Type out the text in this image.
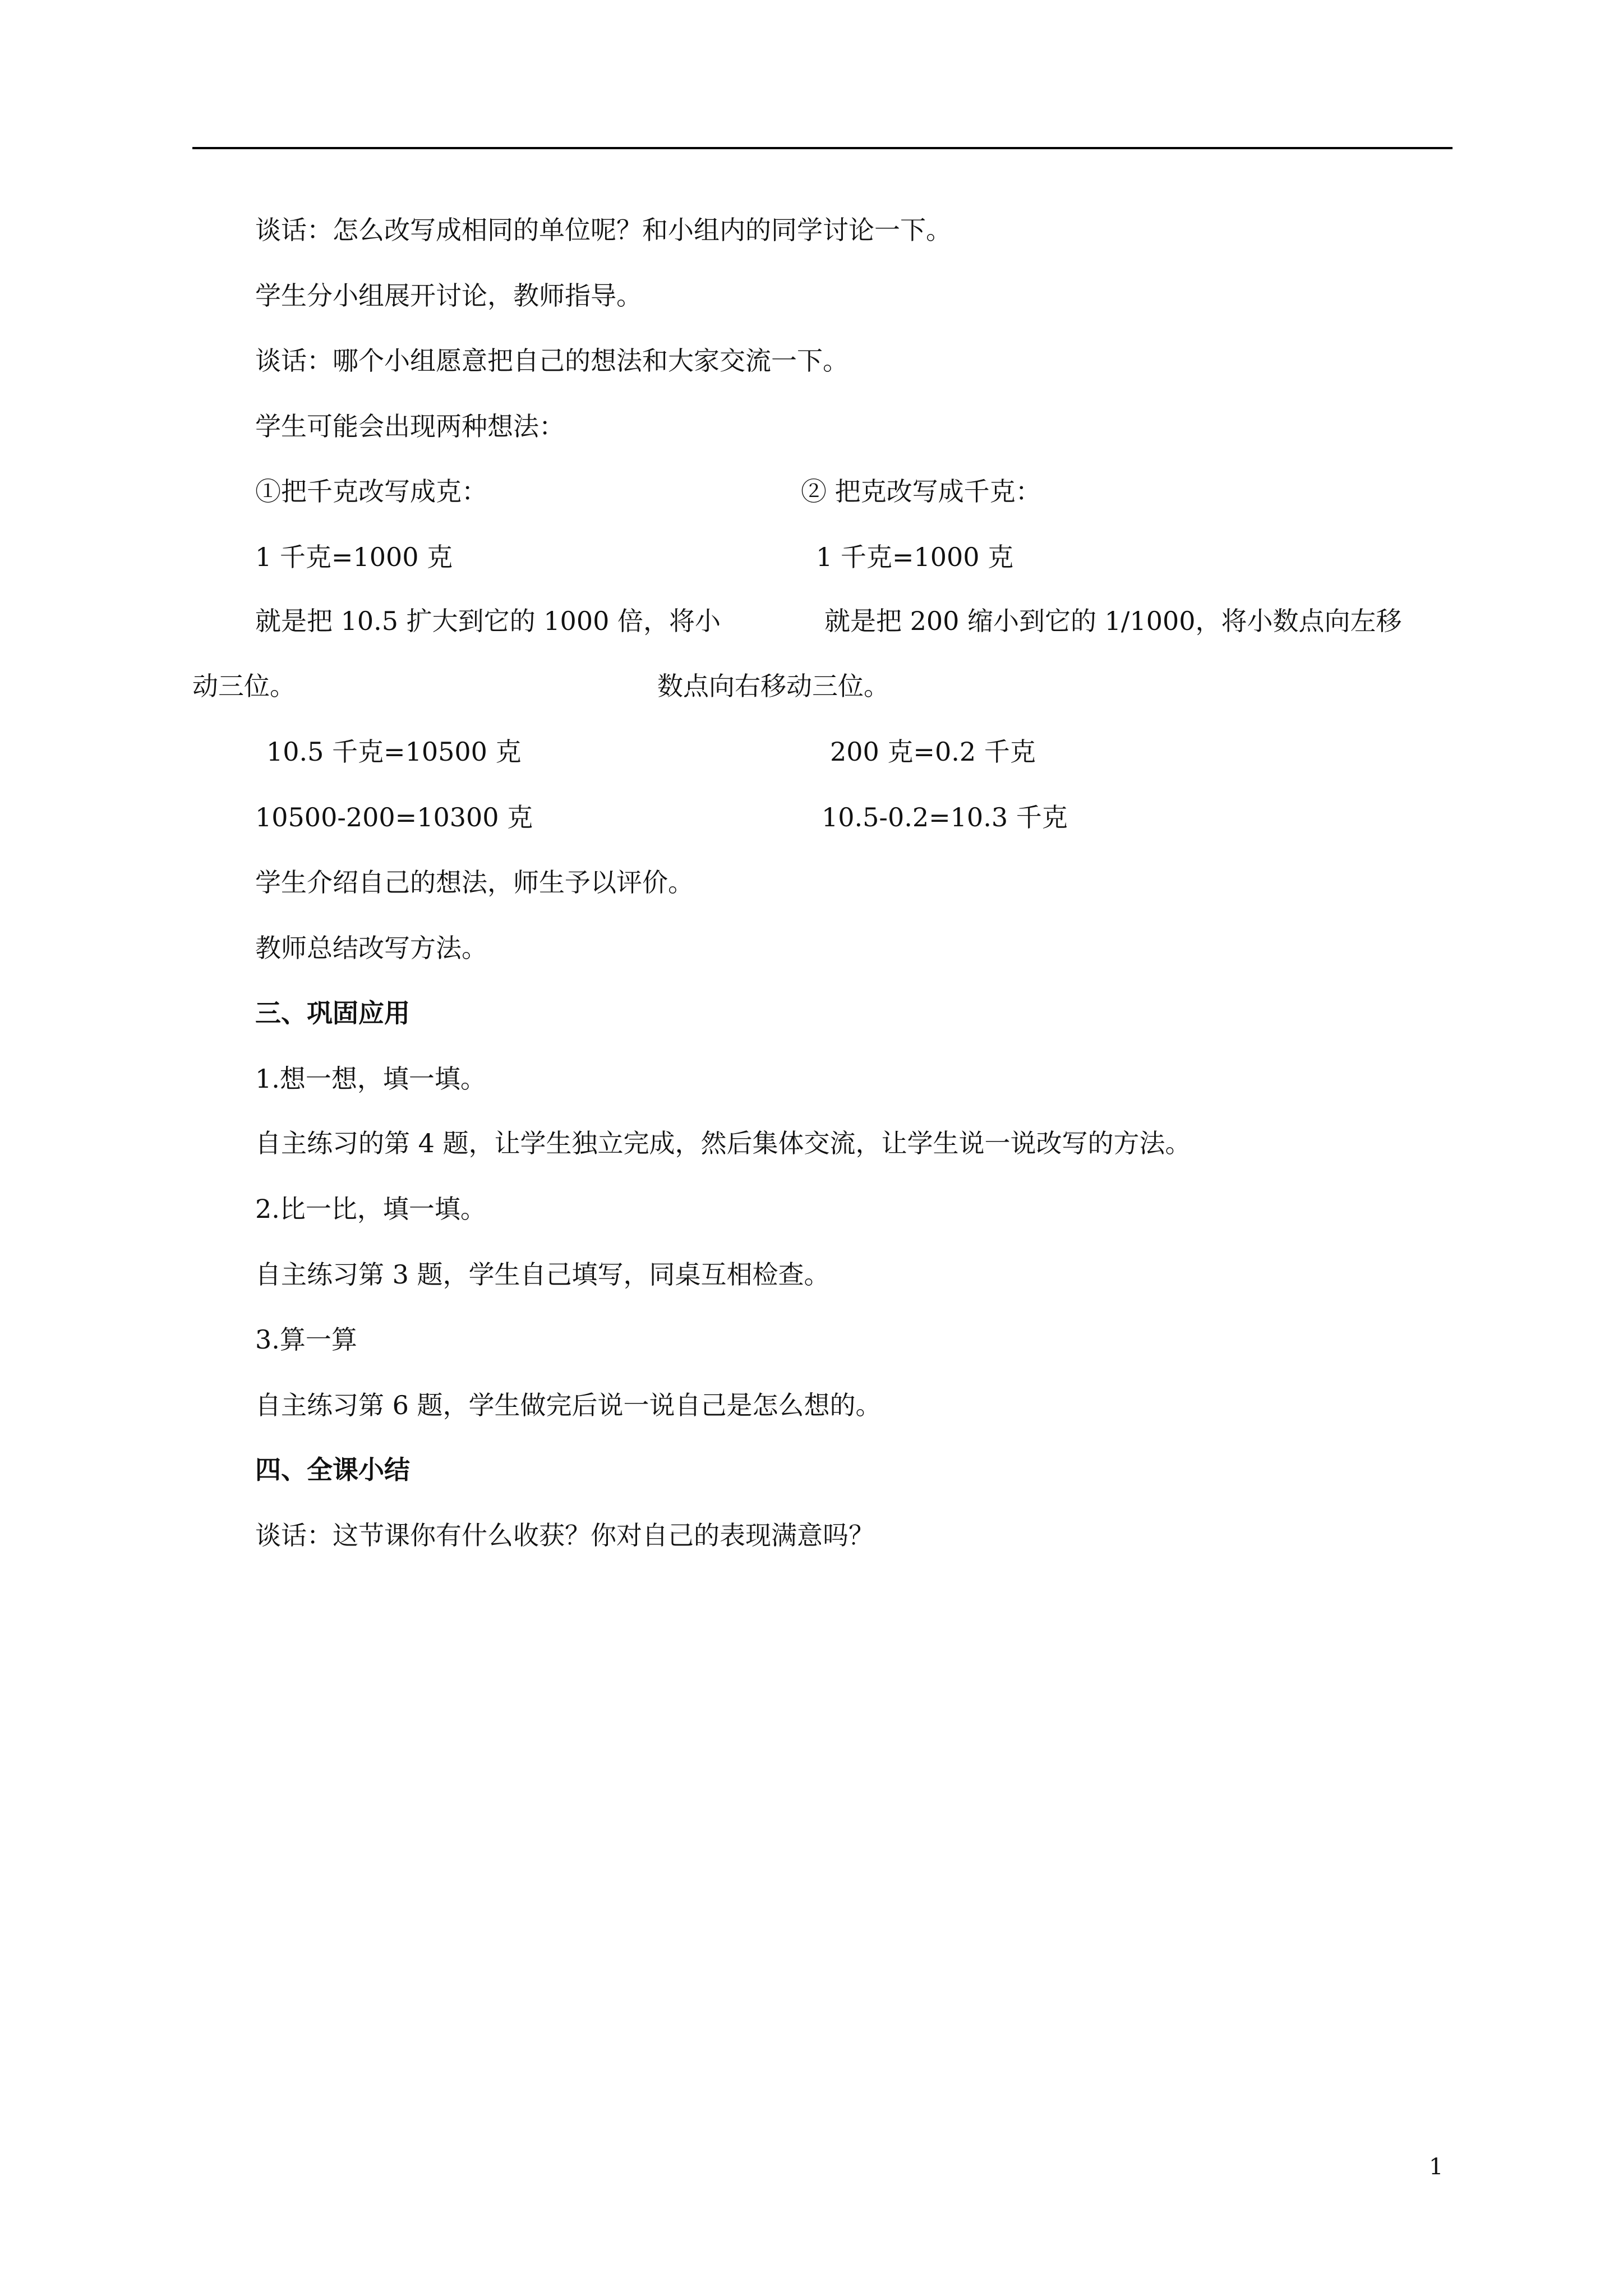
谈话：怎么改写成相同的单位呢？和小组内的同学讨论一下。
学生分小组展开讨论，教师指导。
谈话：哪个小组愿意把自己的想法和大家交流一下。
学生可能会出现两种想法：
①把千克改写成克：
1 千克=1000 克
就是把 10.5 扩大到它的 1000 倍，将小
动三位。
10.5 千克=10500 克
10500-200=10300 克
② 把克改写成千克：
1 千克=1000 克
就是把 200 缩小到它的 1/1000，将小数点向左移
数点向右移动三位。
200 克=0.2 千克
10.5-0.2=10.3 千克
学生介绍自己的想法，师生予以评价。
教师总结改写方法。
三、巩固应用
1.想一想，填一填。
自主练习的第 4 题，让学生独立完成，然后集体交流，让学生说一说改写的方法。
2.比一比，填一填。
自主练习第 3 题，学生自己填写，同桌互相检查。
3.算一算
自主练习第 6 题，学生做完后说一说自己是怎么想的。
四、全课小结
谈话：这节课你有什么收获？你对自己的表现满意吗？
1
